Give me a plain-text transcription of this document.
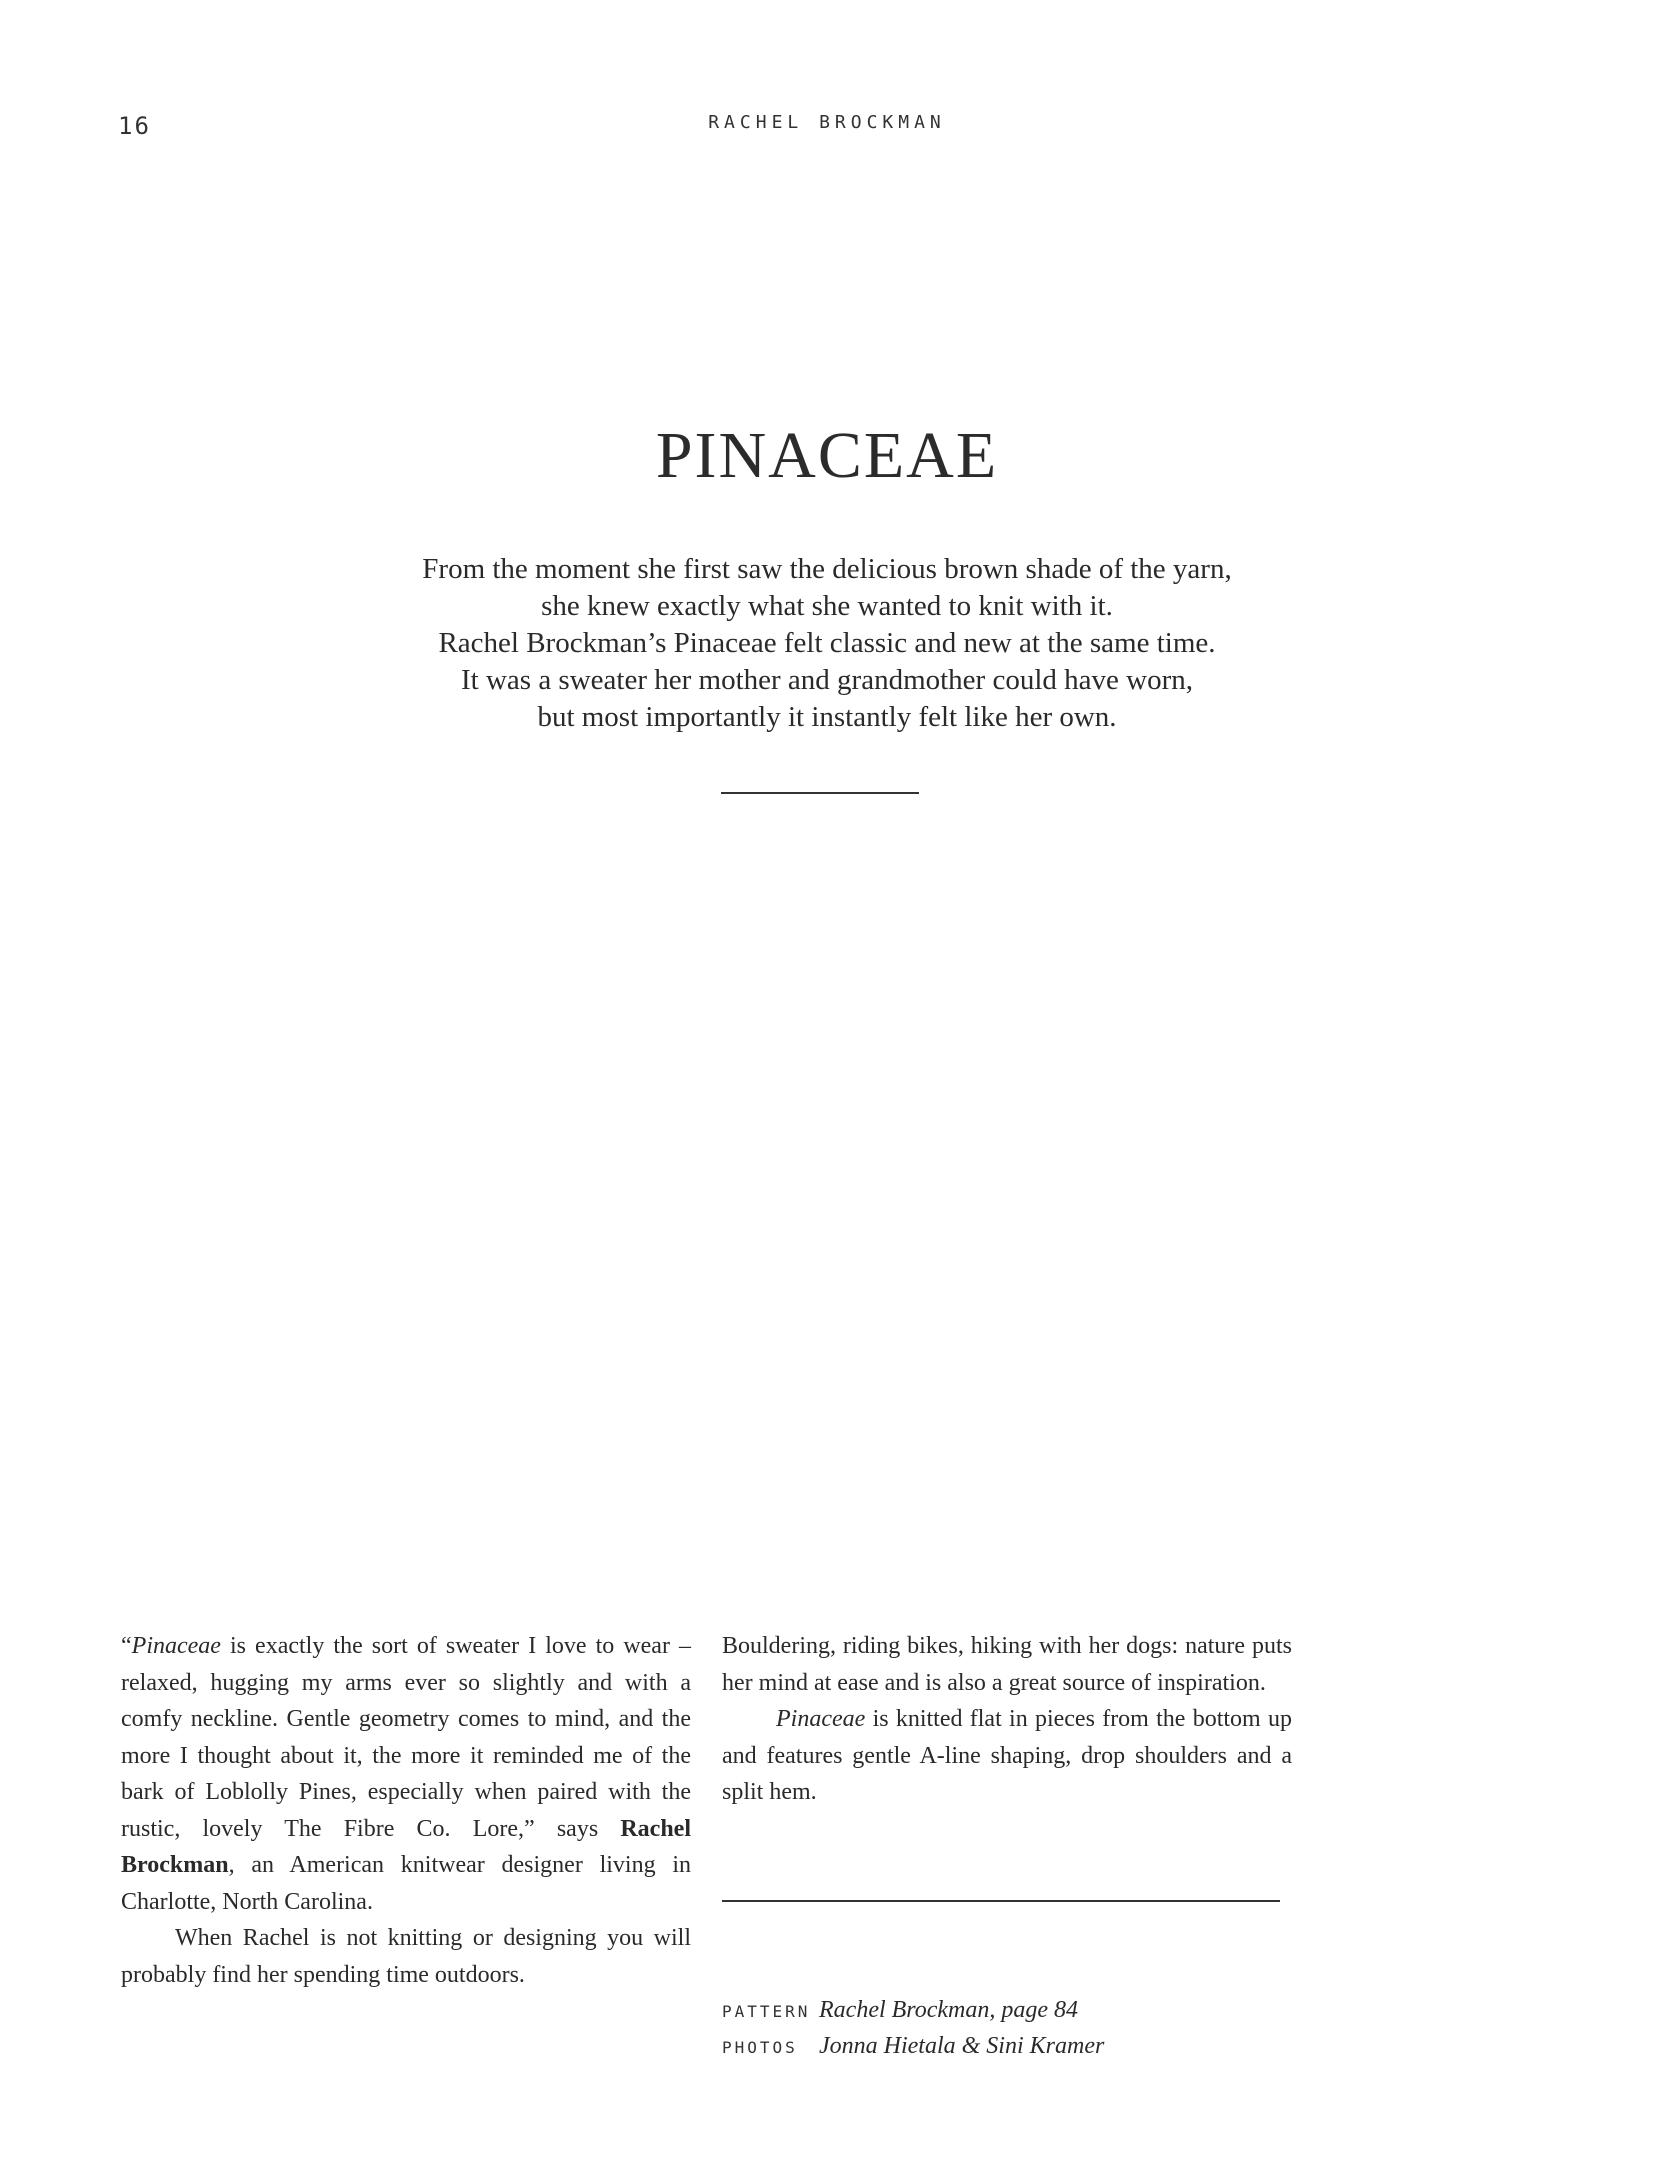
16	RACHEL BROCKMAN
PINACEAE
From the moment she first saw the delicious brown shade of the yarn,
she knew exactly what she wanted to knit with it.
Rachel Brockman’s Pinaceae felt classic and new at the same time.
It was a sweater her mother and grandmother could have worn,
but most importantly it instantly felt like her own.

“Pinaceae is exactly the sort of sweater I love to wear – relaxed, hugging my arms ever so slightly and with a comfy neckline. Gentle geometry comes to mind, and the more I thought about it, the more it reminded me of the bark of Loblolly Pines, especially when paired with the rustic, lovely The Fibre Co. Lore,” says Rachel Brockman, an American knitwear designer living in Charlotte, North Carolina.

When Rachel is not knitting or designing you will probably find her spending time outdoors.

Bouldering, riding bikes, hiking with her dogs: nature puts her mind at ease and is also a great source of inspiration.

Pinaceae is knitted flat in pieces from the bottom up and features gentle A-line shaping, drop shoulders and a split hem.

PATTERN Rachel Brockman, page 84
PHOTOS Jonna Hietala & Sini Kramer
